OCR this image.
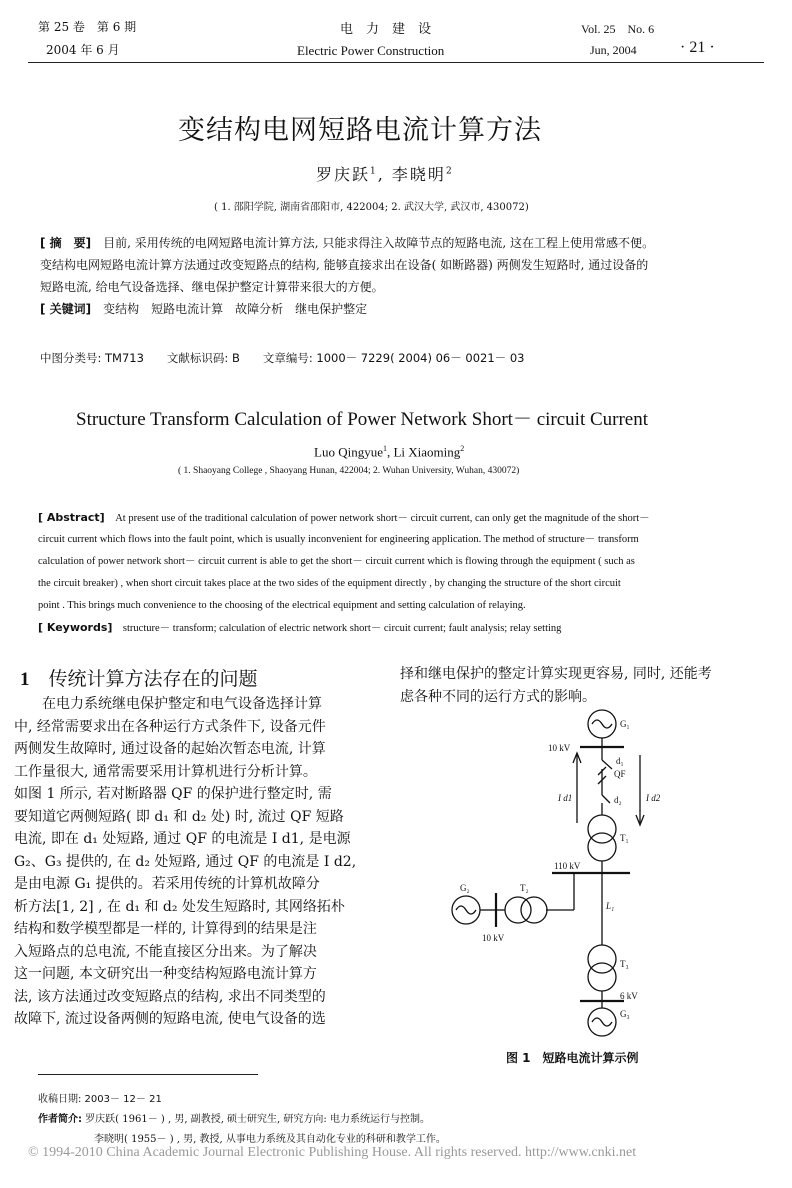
第 25 卷　第 6 期
2004 年 6 月
电　力　建　设
Electric Power Construction
Vol. 25　No. 6
Jun, 2004	· 21 ·
变结构电网短路电流计算方法
罗庆跃$^1$, 李晓明$^2$
( 1. 邵阳学院, 湖南省邵阳市, 422004; 2. 武汉大学, 武汉市, 430072)
[ 摘　要]　 目前, 采用传统的电网短路电流计算方法, 只能求得注入故障节点的短路电流, 这在工程上使用常感不便。
变结构电网短路电流计算方法通过改变短路点的结构, 能够直接求出在设备( 如断路器) 两侧发生短路时, 通过设备的
短路电流, 给电气设备选择、继电保护整定计算带来很大的方便。
[ 关键词]　 变结构　短路电流计算　故障分析　继电保护整定
中图分类号: TM713　　文献标识码: B　　文章编号: 1000－ 7229( 2004) 06－ 0021－ 03
Structure Transform Calculation of Power Network Short－ circuit Current
Luo Qingyue$^1$, Li Xiaoming$^2$
( 1. Shaoyang College , Shaoyang Hunan, 422004; 2. Wuhan University, Wuhan, 430072)
[ Abstract]　 At present use of the traditional calculation of power network short－ circuit current, can only get the magnitude of the short－
circuit current which flows into the fault point, which is usually inconvenient for engineering application. The method of structure－ transform
calculation of power network short－ circuit current is able to get the short－ circuit current which is flowing through the equipment ( such as
the circuit breaker) , when short circuit takes place at the two sides of the equipment directly , by changing the structure of the short circuit
point . This brings much convenience to the choosing of the electrical equipment and setting calculation of relaying.
[ Keywords]　 structure－ transform; calculation of electric network short－ circuit current; fault analysis; relay setting
1　 传统计算方法存在的问题
　　在电力系统继电保护整定和电气设备选择计算
中, 经常需要求出在各种运行方式条件下, 设备元件
两侧发生故障时, 通过设备的起始次暂态电流, 计算
工作量很大, 通常需要采用计算机进行分析计算。
如图 1 所示, 若对断路器 QF 的保护进行整定时, 需
要知道它两侧短路( 即 d₁ 和 d₂ 处) 时, 流过 QF 短路
电流, 即在 d₁ 处短路, 通过 QF 的电流是 I d1, 是电源
G₂、G₃ 提供的, 在 d₂ 处短路, 通过 QF 的电流是 I d2,
是由电源 G₁ 提供的。若采用传统的计算机故障分
析方法[1, 2] , 在 d₁ 和 d₂ 处发生短路时, 其网络拓朴
结构和数学模型都是一样的, 计算得到的结果是注
入短路点的总电流, 不能直接区分出来。为了解决
这一问题, 本文研究出一种变结构短路电流计算方
法, 该方法通过改变短路点的结构, 求出不同类型的
故障下, 流过设备两侧的短路电流, 使电气设备的选
择和继电保护的整定计算实现更容易, 同时, 还能考
虑各种不同的运行方式的影响。
G₁
10 kV
d₁
QF
d₂
I d1	I d2
T₁
110 kV
G₂	T₂
10 kV
L₁
T₃
6 kV
G₃
图 1　短路电流计算示例
收稿日期: 2003－ 12－ 21
作者简介: 罗庆跃( 1961－ ) , 男, 副教授, 硕士研究生, 研究方向: 电力系统运行与控制。
李晓明( 1955－ ) , 男, 教授, 从事电力系统及其自动化专业的科研和教学工作。
© 1994-2010 China Academic Journal Electronic Publishing House. All rights reserved. http://www.cnki.net
